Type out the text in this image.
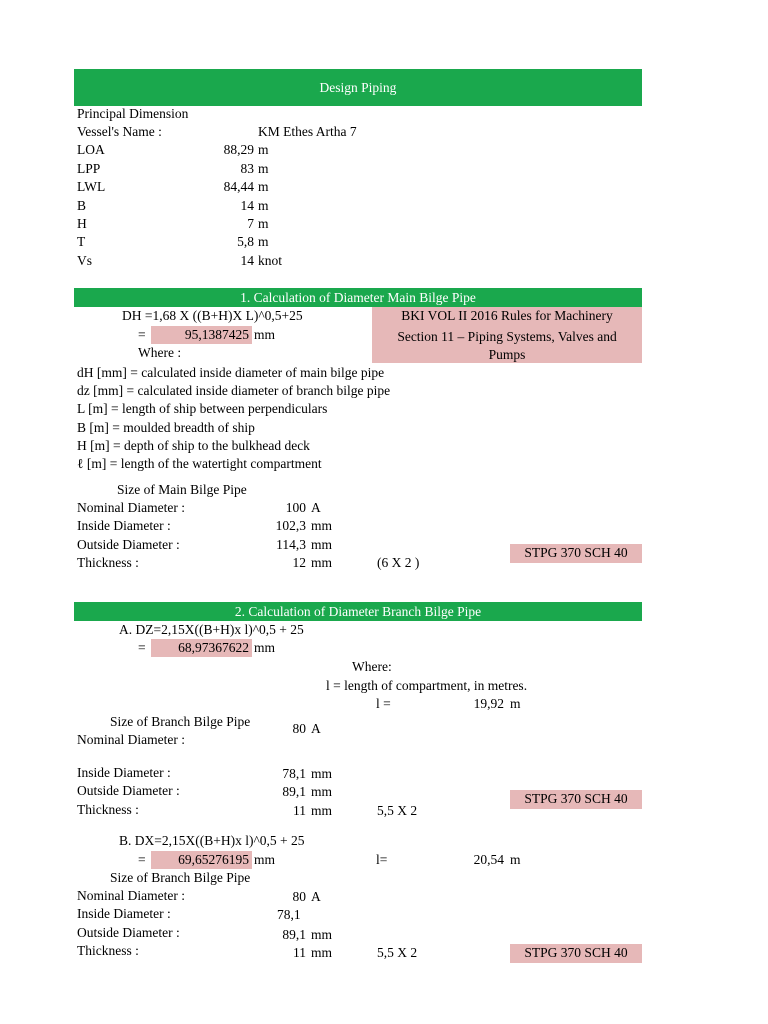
Design Piping
Principal Dimension
Vessel's Name :	KM Ethes Artha 7
LOA	88,29 m
LPP	83 m
LWL	84,44 m
B	14 m
H	7 m
T	5,8 m
Vs	14 knot
1. Calculation of Diameter Main Bilge Pipe
DH =1,68 X ((B+H)X L)^0,5+25
=	95,1387425 mm
Where :
BKI VOL II 2016 Rules for Machinery
Section 11 – Piping Systems, Valves and
Pumps
dH [mm] = calculated inside diameter of main bilge pipe
dz [mm] = calculated inside diameter of branch bilge pipe
L [m] = length of ship between perpendiculars
B [m] = moulded breadth of ship
H [m] = depth of ship to the bulkhead deck
ℓ [m] = length of the watertight compartment
Size of Main Bilge Pipe
Nominal Diameter :	100 A
Inside Diameter :	102,3 mm
Outside Diameter :	114,3 mm
Thickness :	12 mm	(6 X 2 )
STPG 370 SCH 40
2. Calculation of Diameter Branch Bilge Pipe
A. DZ=2,15X((B+H)x l)^0,5 + 25
=	68,97367622 mm
Where:
l = length of compartment, in metres.
l =	19,92 m
Size of Branch Bilge Pipe
Nominal Diameter :
80 A
Inside Diameter :	78,1 mm
Outside Diameter :	89,1 mm
Thickness :	11 mm	5,5 X 2
STPG 370 SCH 40
B. DX=2,15X((B+H)x l)^0,5 + 25
=	69,65276195 mm	l=	20,54 m
Size of Branch Bilge Pipe
Nominal Diameter :	80 A
Inside Diameter :	78,1
Outside Diameter :	89,1 mm
Thickness :	11 mm	5,5 X 2	STPG 370 SCH 40
